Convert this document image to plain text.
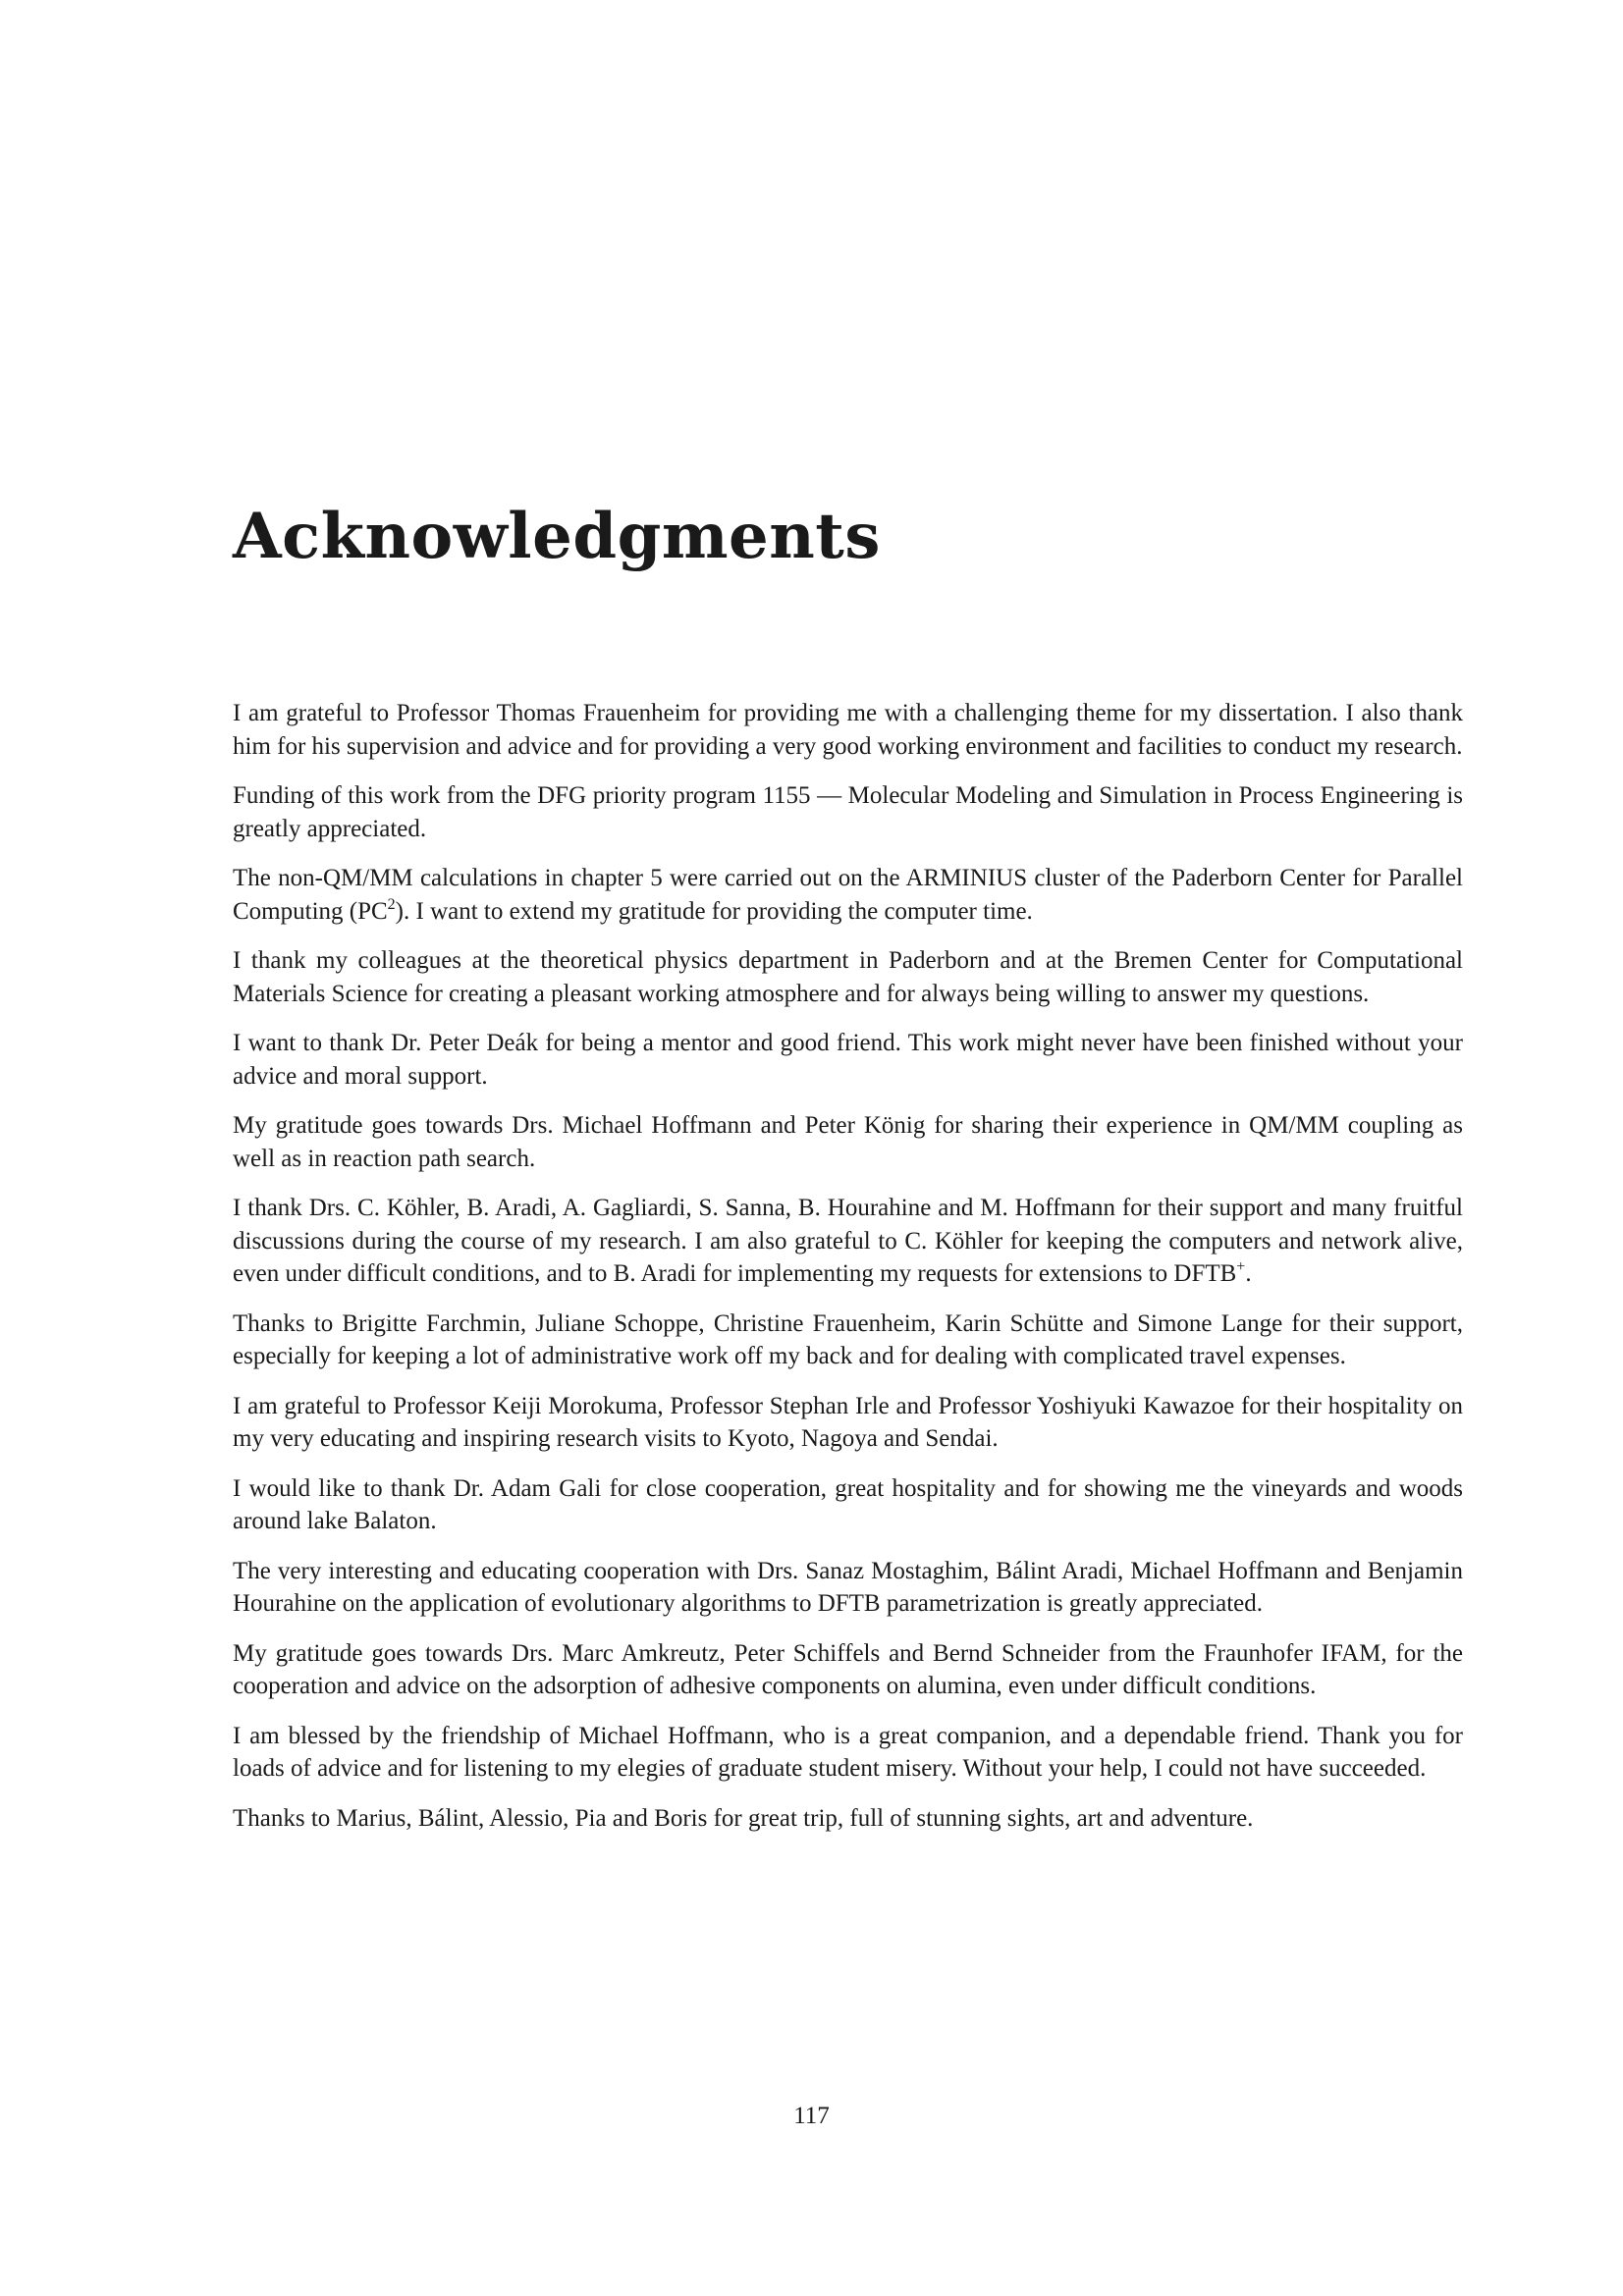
Acknowledgments

I am grateful to Professor Thomas Frauenheim for providing me with a challenging theme for my dissertation. I also thank him for his supervision and advice and for providing a very good working environment and facilities to conduct my research.

Funding of this work from the DFG priority program 1155 — Molecular Modeling and Simulation in Process Engineering is greatly appreciated.

The non-QM/MM calculations in chapter 5 were carried out on the ARMINIUS cluster of the Paderborn Center for Parallel Computing $(PC^2)$. I want to extend my gratitude for providing the computer time.

I thank my colleagues at the theoretical physics department in Paderborn and at the Bremen Center for Computational Materials Science for creating a pleasant working atmosphere and for always being willing to answer my questions.

I want to thank Dr. Peter Deák for being a mentor and good friend. This work might never have been finished without your advice and moral support.

My gratitude goes towards Drs. Michael Hoffmann and Peter König for sharing their experience in QM/MM coupling as well as in reaction path search.

I thank Drs. C. Köhler, B. Aradi, A. Gagliardi, S. Sanna, B. Hourahine and M. Hoffmann for their support and many fruitful discussions during the course of my research. I am also grateful to C. Köhler for keeping the computers and network alive, even under difficult conditions, and to B. Aradi for implementing my requests for extensions to DFTB+.

Thanks to Brigitte Farchmin, Juliane Schoppe, Christine Frauenheim, Karin Schütte and Simone Lange for their support, especially for keeping a lot of administrative work off my back and for dealing with complicated travel expenses.

I am grateful to Professor Keiji Morokuma, Professor Stephan Irle and Professor Yoshiyuki Kawazoe for their hospitality on my very educating and inspiring research visits to Kyoto, Nagoya and Sendai.

I would like to thank Dr. Adam Gali for close cooperation, great hospitality and for showing me the vineyards and woods around lake Balaton.

The very interesting and educating cooperation with Drs. Sanaz Mostaghim, Bálint Aradi, Michael Hoffmann and Benjamin Hourahine on the application of evolutionary algorithms to DFTB parametrization is greatly appreciated.

My gratitude goes towards Drs. Marc Amkreutz, Peter Schiffels and Bernd Schneider from the Fraunhofer IFAM, for the cooperation and advice on the adsorption of adhesive components on alumina, even under difficult conditions.

I am blessed by the friendship of Michael Hoffmann, who is a great companion, and a dependable friend. Thank you for loads of advice and for listening to my elegies of graduate student misery. Without your help, I could not have succeeded.

Thanks to Marius, Bálint, Alessio, Pia and Boris for great trip, full of stunning sights, art and adventure.

117
